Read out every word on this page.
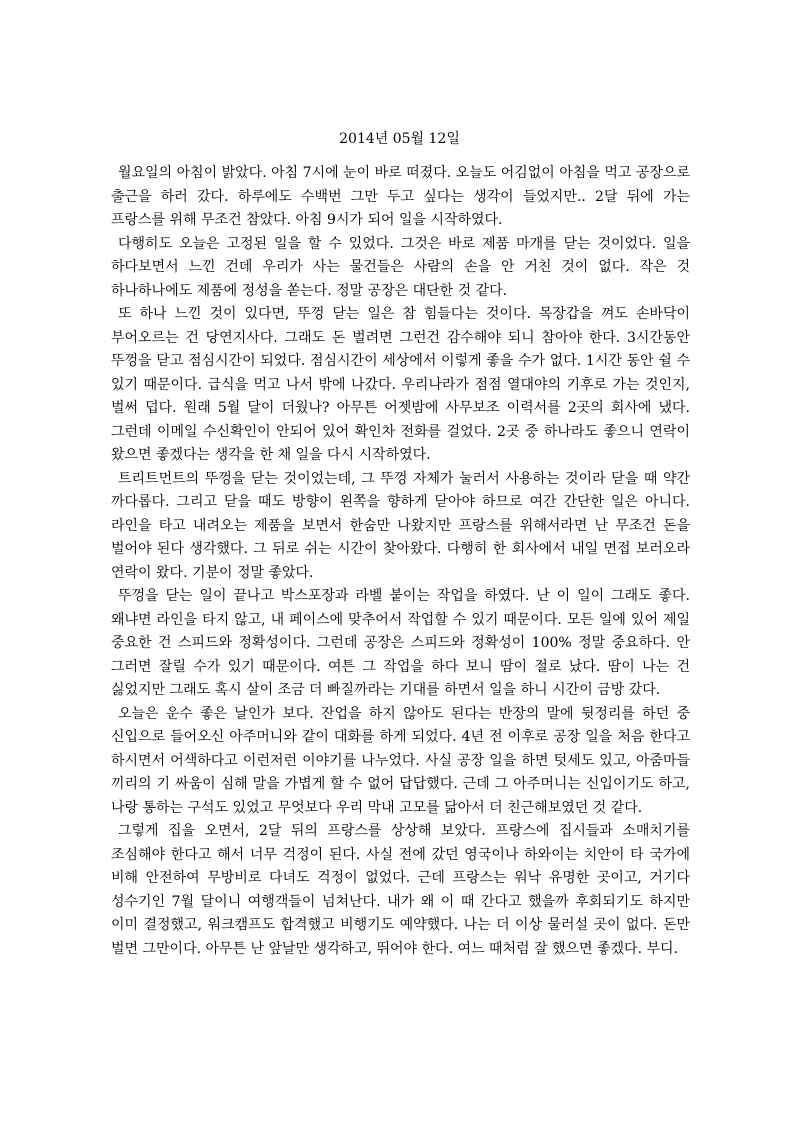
2014년 05월 12일

월요일의 아침이 밝았다. 아침 7시에 눈이 바로 떠졌다. 오늘도 어김없이 아침을 먹고 공장으로 출근을 하러 갔다. 하루에도 수백번 그만 두고 싶다는 생각이 들었지만.. 2달 뒤에 가는 프랑스를 위해 무조건 참았다. 아침 9시가 되어 일을 시작하였다.

다행히도 오늘은 고정된 일을 할 수 있었다. 그것은 바로 제품 마개를 닫는 것이었다. 일을 하다보면서 느낀 건데 우리가 사는 물건들은 사람의 손을 안 거친 것이 없다. 작은 것 하나하나에도 제품에 정성을 쏟는다. 정말 공장은 대단한 것 같다.

또 하나 느낀 것이 있다면, 뚜껑 닫는 일은 참 힘들다는 것이다. 목장갑을 껴도 손바닥이 부어오르는 건 당연지사다. 그래도 돈 벌려면 그런건 감수해야 되니 참아야 한다. 3시간동안 뚜껑을 닫고 점심시간이 되었다. 점심시간이 세상에서 이렇게 좋을 수가 없다. 1시간 동안 쉴 수 있기 때문이다. 급식을 먹고 나서 밖에 나갔다. 우리나라가 점점 열대야의 기후로 가는 것인지, 벌써 덥다. 원래 5월 달이 더웠나? 아무튼 어젯밤에 사무보조 이력서를 2곳의 회사에 냈다. 그런데 이메일 수신확인이 안되어 있어 확인차 전화를 걸었다. 2곳 중 하나라도 좋으니 연락이 왔으면 좋겠다는 생각을 한 채 일을 다시 시작하였다.

트리트먼트의 뚜껑을 닫는 것이었는데, 그 뚜껑 자체가 눌러서 사용하는 것이라 닫을 때 약간 까다롭다. 그리고 닫을 때도 방향이 왼쪽을 향하게 닫아야 하므로 여간 간단한 일은 아니다. 라인을 타고 내려오는 제품을 보면서 한숨만 나왔지만 프랑스를 위해서라면 난 무조건 돈을 벌어야 된다 생각했다. 그 뒤로 쉬는 시간이 찾아왔다. 다행히 한 회사에서 내일 면접 보러오라 연락이 왔다. 기분이 정말 좋았다.

뚜껑을 닫는 일이 끝나고 박스포장과 라벨 붙이는 작업을 하였다. 난 이 일이 그래도 좋다. 왜냐면 라인을 타지 않고, 내 페이스에 맞추어서 작업할 수 있기 때문이다. 모든 일에 있어 제일 중요한 건 스피드와 정확성이다. 그런데 공장은 스피드와 정확성이 100% 정말 중요하다. 안 그러면 잘릴 수가 있기 때문이다. 여튼 그 작업을 하다 보니 땀이 절로 났다. 땀이 나는 건 싫었지만 그래도 혹시 살이 조금 더 빠질까라는 기대를 하면서 일을 하니 시간이 금방 갔다.

오늘은 운수 좋은 날인가 보다. 잔업을 하지 않아도 된다는 반장의 말에 뒷정리를 하던 중 신입으로 들어오신 아주머니와 같이 대화를 하게 되었다. 4년 전 이후로 공장 일을 처음 한다고 하시면서 어색하다고 이런저런 이야기를 나누었다. 사실 공장 일을 하면 텃세도 있고, 아줌마들 끼리의 기 싸움이 심해 말을 가볍게 할 수 없어 답답했다. 근데 그 아주머니는 신입이기도 하고, 나랑 통하는 구석도 있었고 무엇보다 우리 막내 고모를 닮아서 더 친근해보였던 것 같다.

그렇게 집을 오면서, 2달 뒤의 프랑스를 상상해 보았다. 프랑스에 집시들과 소매치기를 조심해야 한다고 해서 너무 걱정이 된다. 사실 전에 갔던 영국이나 하와이는 치안이 타 국가에 비해 안전하여 무방비로 다녀도 걱정이 없었다. 근데 프랑스는 워낙 유명한 곳이고, 거기다 성수기인 7월 달이니 여행객들이 넘쳐난다. 내가 왜 이 때 간다고 했을까 후회되기도 하지만 이미 결정했고, 워크캠프도 합격했고 비행기도 예약했다. 나는 더 이상 물러설 곳이 없다. 돈만 벌면 그만이다. 아무튼 난 앞날만 생각하고, 뛰어야 한다. 여느 때처럼 잘 했으면 좋겠다. 부디.
